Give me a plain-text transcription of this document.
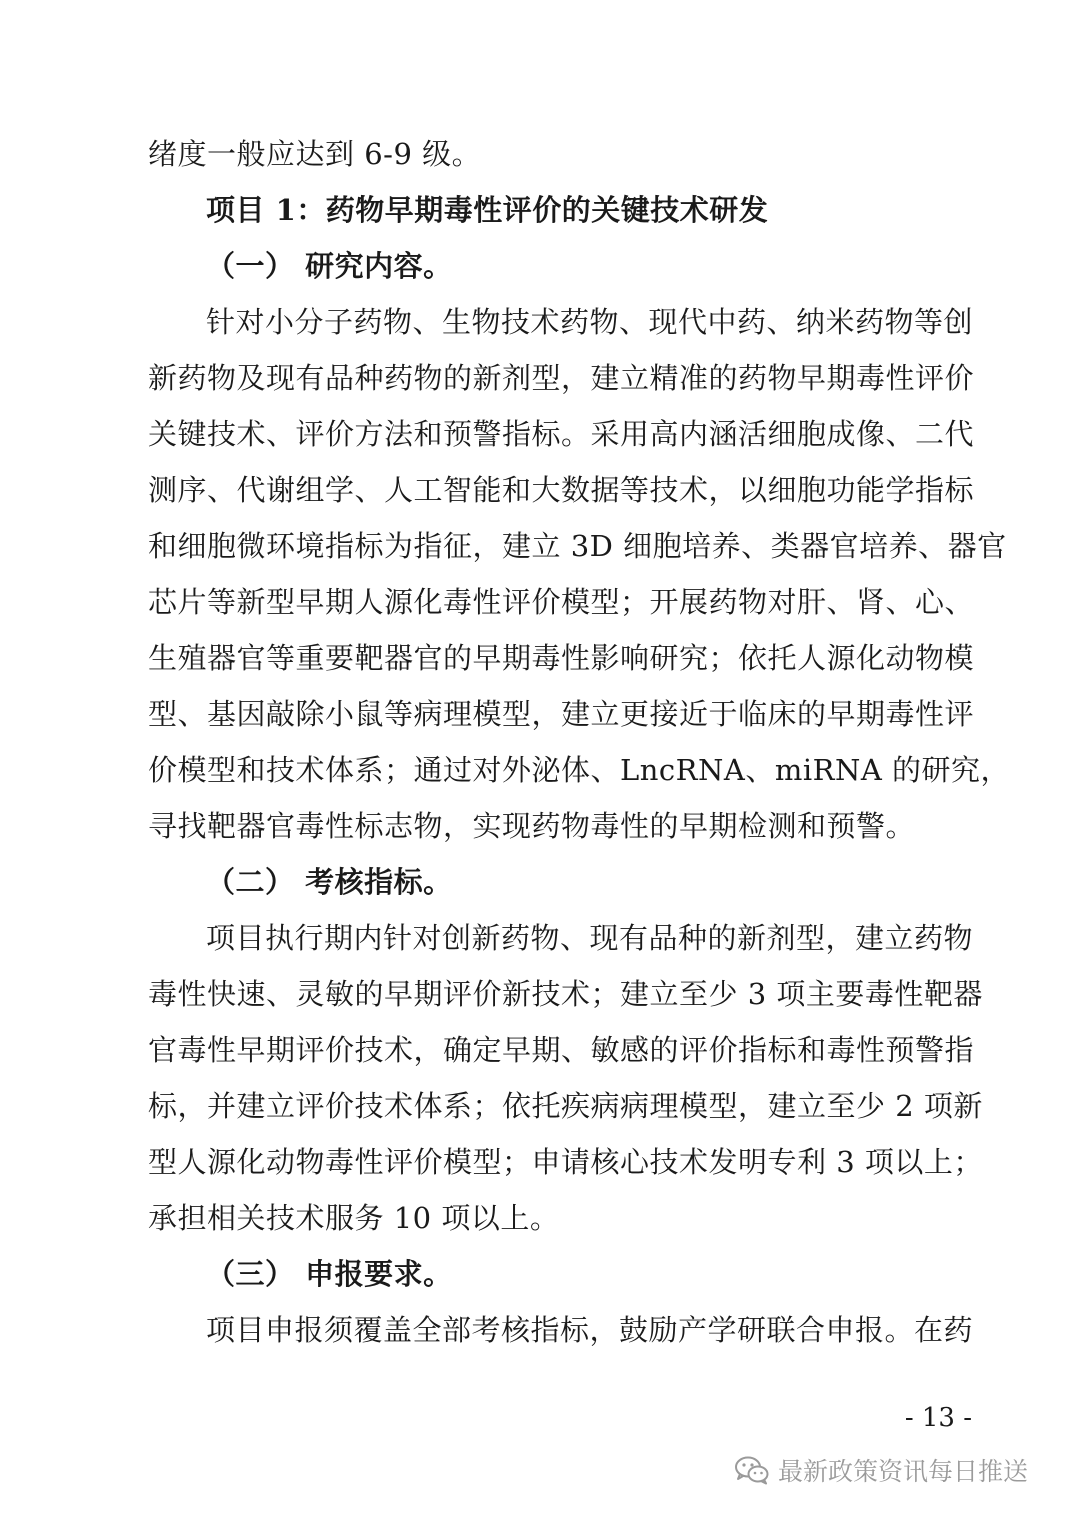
绪度一般应达到 6-9 级。
项目 1：药物早期毒性评价的关键技术研发
（一） 研究内容。
针对小分子药物、生物技术药物、现代中药、纳米药物等创
新药物及现有品种药物的新剂型，建立精准的药物早期毒性评价
关键技术、评价方法和预警指标。采用高内涵活细胞成像、二代
测序、代谢组学、人工智能和大数据等技术，以细胞功能学指标
和细胞微环境指标为指征，建立 3D 细胞培养、类器官培养、器官
芯片等新型早期人源化毒性评价模型；开展药物对肝、肾、心、
生殖器官等重要靶器官的早期毒性影响研究；依托人源化动物模
型、基因敲除小鼠等病理模型，建立更接近于临床的早期毒性评
价模型和技术体系；通过对外泌体、LncRNA、miRNA 的研究，
寻找靶器官毒性标志物，实现药物毒性的早期检测和预警。
（二） 考核指标。
项目执行期内针对创新药物、现有品种的新剂型，建立药物
毒性快速、灵敏的早期评价新技术；建立至少 3 项主要毒性靶器
官毒性早期评价技术，确定早期、敏感的评价指标和毒性预警指
标，并建立评价技术体系；依托疾病病理模型，建立至少 2 项新
型人源化动物毒性评价模型；申请核心技术发明专利 3 项以上；
承担相关技术服务 10 项以上。
（三） 申报要求。
项目申报须覆盖全部考核指标，鼓励产学研联合申报。在药
- 13 -
最新政策资讯每日推送
